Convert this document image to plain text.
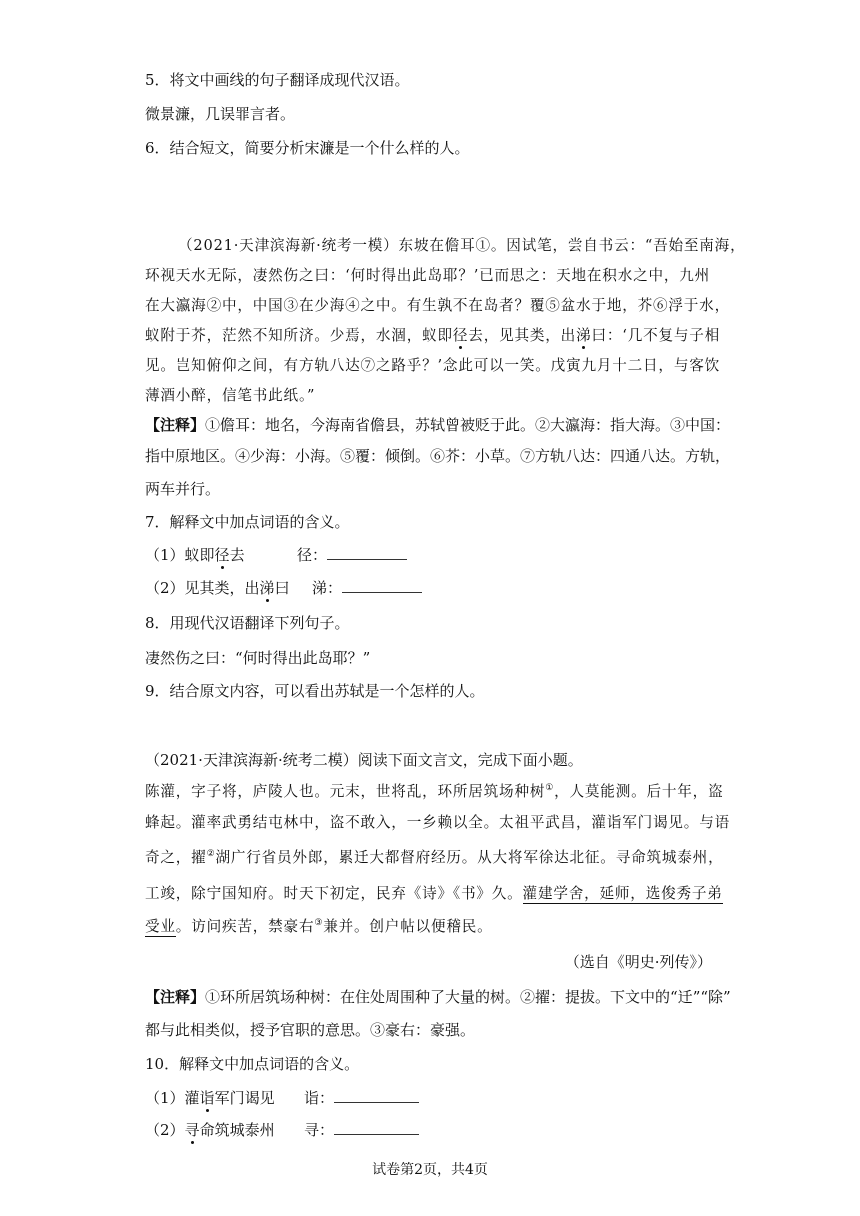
5．将文中画线的句子翻译成现代汉语。
微景濂，几误罪言者。
6．结合短文，简要分析宋濂是一个什么样的人。
（2021·天津滨海新·统考一模）东坡在儋耳①。因试笔，尝自书云：“吾始至南海，
环视天水无际，凄然伤之曰：‘何时得出此岛耶？’已而思之：天地在积水之中，九州
在大瀛海②中，中国③在少海④之中。有生孰不在岛者？覆⑤盆水于地，芥⑥浮于水，
蚁附于芥，茫然不知所济。少焉，水涸，蚁即径去，见其类，出涕曰：‘几不复与子相
见。岂知俯仰之间，有方轨八达⑦之路乎？’念此可以一笑。戊寅九月十二日，与客饮
薄酒小醉，信笔书此纸。”
【注释】①儋耳：地名，今海南省儋县，苏轼曾被贬于此。②大瀛海：指大海。③中国：
指中原地区。④少海：小海。⑤覆：倾倒。⑥芥：小草。⑦方轨八达：四通八达。方轨，
两车并行。
7．解释文中加点词语的含义。
（1）蚁即径去	径：
（2）见其类，出涕曰 涕：
8．用现代汉语翻译下列句子。
凄然伤之曰：“何时得出此岛耶？”
9．结合原文内容，可以看出苏轼是一个怎样的人。
（2021·天津滨海新·统考二模）阅读下面文言文，完成下面小题。
陈灌，字子将，庐陵人也。元末，世将乱，环所居筑场种树①，人莫能测。后十年，盗
蜂起。灌率武勇结屯林中，盗不敢入，一乡赖以全。太祖平武昌，灌诣军门谒见。与语
奇之，擢②湖广行省员外郎，累迁大都督府经历。从大将军徐达北征。寻命筑城泰州，
工竣，除宁国知府。时天下初定，民弃《诗》《书》久。灌建学舍，延师，选俊秀子弟
受业。访问疾苦，禁豪右③兼并。创户帖以便稽民。
（选自《明史·列传》）
【注释】①环所居筑场种树：在住处周围种了大量的树。②擢：提拔。下文中的“迁”“除”
都与此相类似，授予官职的意思。③豪右：豪强。
10．解释文中加点词语的含义。
（1）灌诣军门谒见 诣：
（2）寻命筑城泰州 寻：
试卷第2页，共4页
